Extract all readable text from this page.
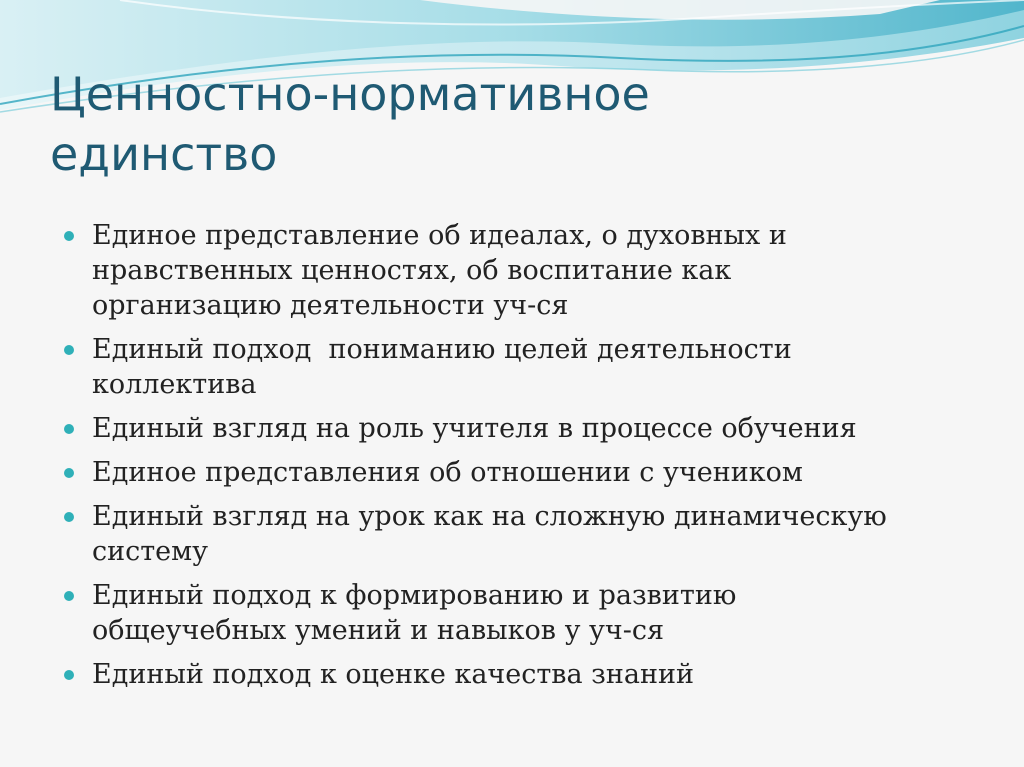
Ценностно-нормативное
единство
Единое представление об идеалах, о духовных и
нравственных ценностях, об воспитание как
организацию деятельности уч-ся
Единый подход  пониманию целей деятельности
коллектива
Единый взгляд на роль учителя в процессе обучения
Единое представления об отношении с учеником
Единый взгляд на урок как на сложную динамическую
систему
Единый подход к формированию и развитию
общеучебных умений и навыков у уч-ся
Единый подход к оценке качества знаний
